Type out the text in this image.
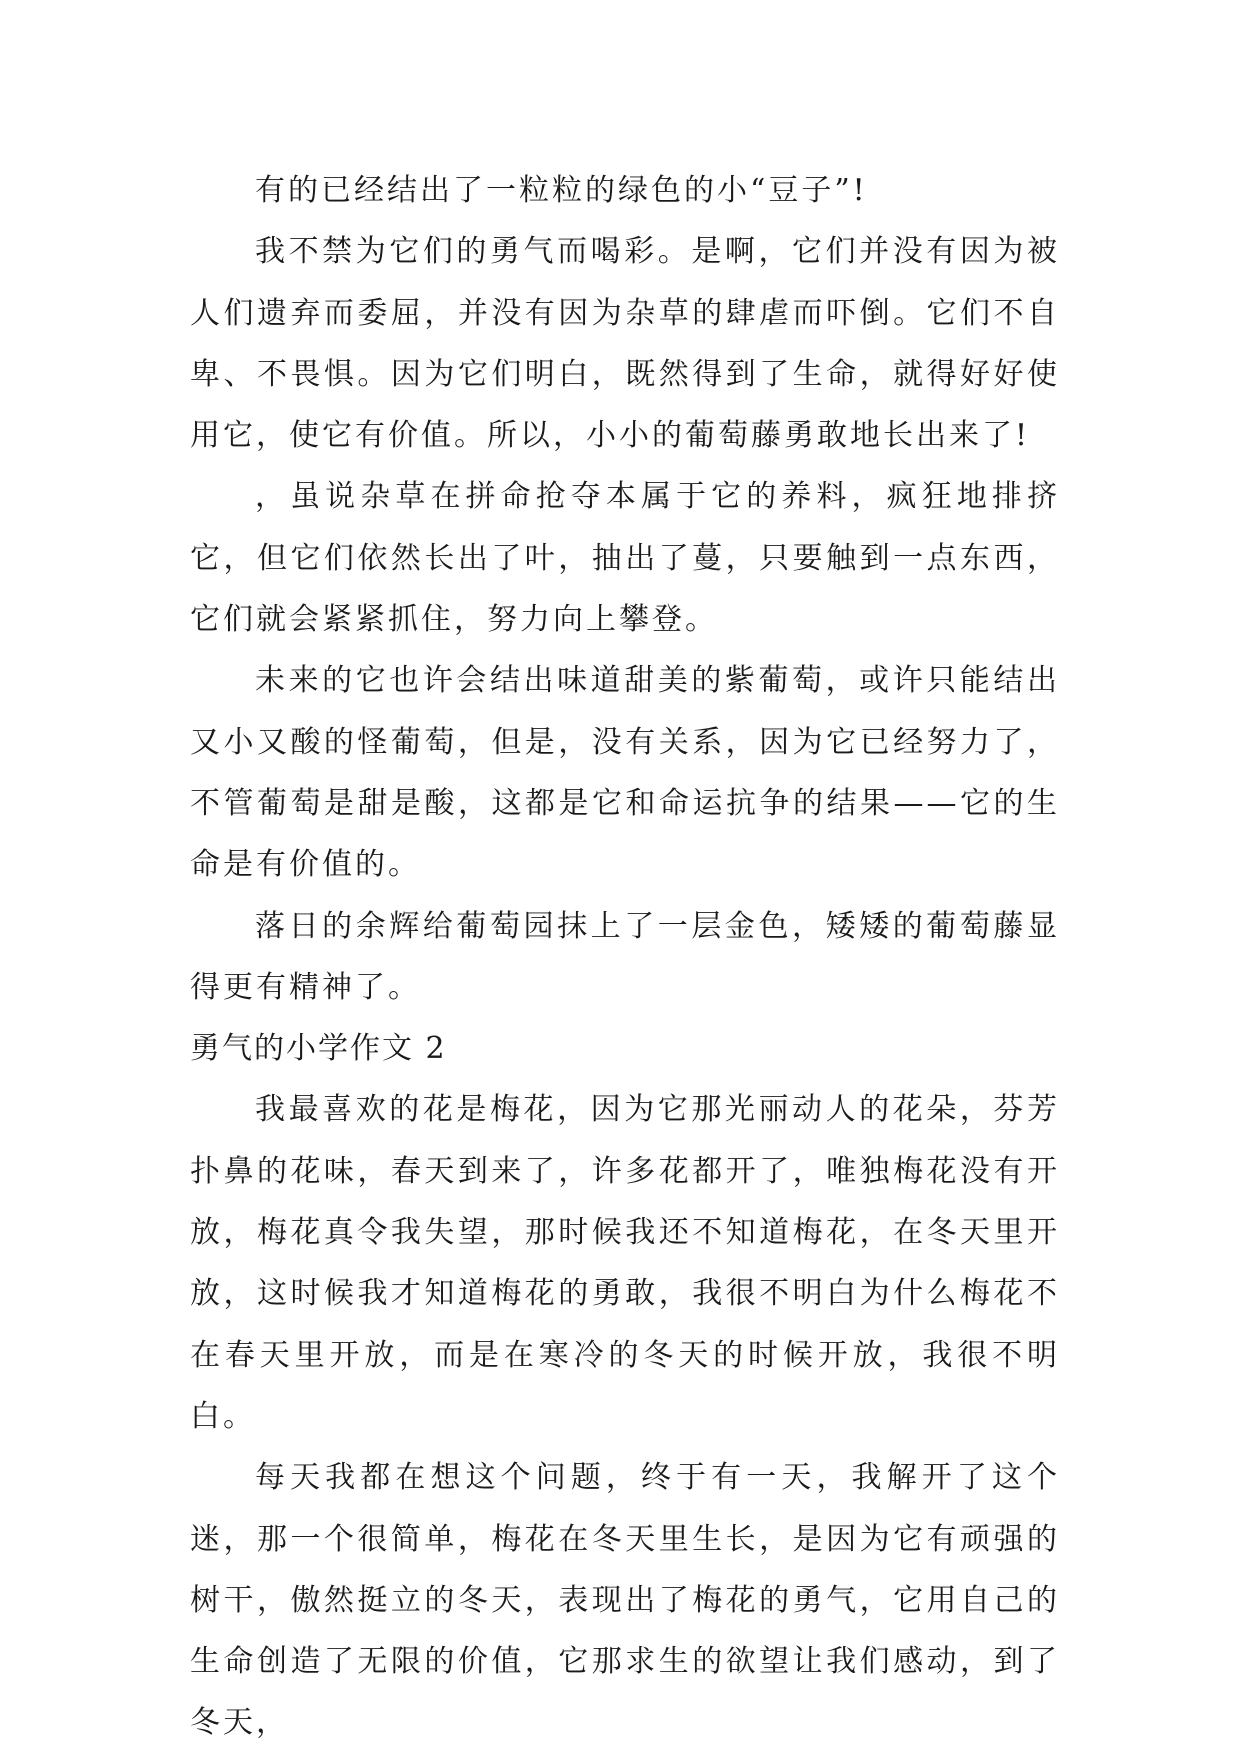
有的已经结出了一粒粒的绿色的小“豆子”!

我不禁为它们的勇气而喝彩。是啊，它们并没有因为被人们遗弃而委屈，并没有因为杂草的肆虐而吓倒。它们不自卑、不畏惧。因为它们明白，既然得到了生命，就得好好使用它，使它有价值。所以，小小的葡萄藤勇敢地长出来了!

，虽说杂草在拼命抢夺本属于它的养料，疯狂地排挤它，但它们依然长出了叶，抽出了蔓，只要触到一点东西，它们就会紧紧抓住，努力向上攀登。

未来的它也许会结出味道甜美的紫葡萄，或许只能结出又小又酸的怪葡萄，但是，没有关系，因为它已经努力了，不管葡萄是甜是酸，这都是它和命运抗争的结果——它的生命是有价值的。

落日的余辉给葡萄园抹上了一层金色，矮矮的葡萄藤显得更有精神了。

勇气的小学作文 2

我最喜欢的花是梅花，因为它那光丽动人的花朵，芬芳扑鼻的花味，春天到来了，许多花都开了，唯独梅花没有开放，梅花真令我失望，那时候我还不知道梅花，在冬天里开放，这时候我才知道梅花的勇敢，我很不明白为什么梅花不在春天里开放，而是在寒冷的冬天的时候开放，我很不明白。

每天我都在想这个问题，终于有一天，我解开了这个迷，那一个很简单，梅花在冬天里生长，是因为它有顽强的树干，傲然挺立的冬天，表现出了梅花的勇气，它用自己的生命创造了无限的价值，它那求生的欲望让我们感动，到了冬天，
